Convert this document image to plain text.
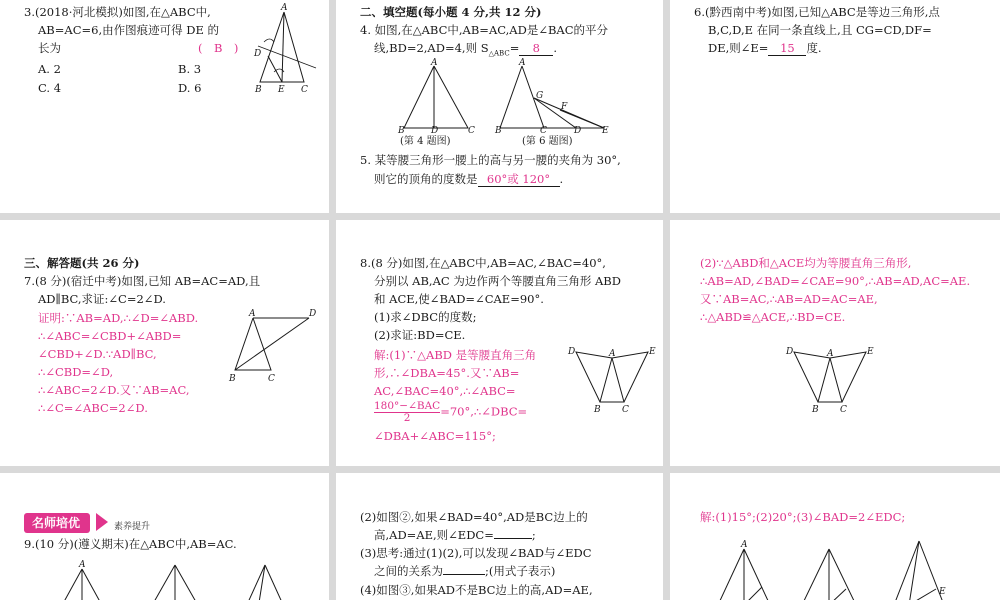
3.(2018·河北模拟)如图,在△ABC中,
AB=AC=6,由作图痕迹可得 DE 的
长为	(　B　)
A. 2	B. 3
C. 4	D. 6
A
D
B E C
二、填空题(每小题 4 分,共 12 分)
4. 如图,在△ABC中,AB=AC,AD是∠BAC的平分
线,BD=2,AD=4,则 $S_{\triangle ABC}= 8$ .
A
B	D	C
(第 4 题图)
A
G
F
B	C	D E
(第 6 题图)
5. 某等腰三角形一腰上的高与另一腰的夹角为 30°,
则它的顶角的度数是 60°或 120° .
6.(黔西南中考)如图,已知△ABC是等边三角形,点
B,C,D,E 在同一条直线上,且 CG=CD,DF=
DE,则∠E= 15 度.
三、解答题(共 26 分)
7.(8 分)(宿迁中考)如图,已知 AB=AC=AD,且
AD∥BC,求证:∠C=2∠D.
证明:∵AB=AD,∴∠D=∠ABD.
∴∠ABC=∠CBD+∠ABD=
∠CBD+∠D.∵AD∥BC,
∴∠CBD=∠D,
∴∠ABC=2∠D.又∵AB=AC,
∴∠C=∠ABC=2∠D.
A	D
B	C
8.(8 分)如图,在△ABC中,AB=AC,∠BAC=40°,
分别以 AB,AC 为边作两个等腰直角三角形 ABD
和 ACE,使∠BAD=∠CAE=90°.
(1)求∠DBC的度数;
(2)求证:BD=CE.
解:(1)∵△ABD 是等腰直角三角
形,∴∠DBA=45°.又∵AB=
AC,∠BAC=40°,∴∠ABC=
$\frac{\text{180°−∠BAC}}{2}$ =70°,∴∠DBC=
∠DBA+∠ABC=115°;
D	A	E
B C
(2)∵△ABD和△ACE均为等腰直角三角形,
∴AB=AD,∠BAD=∠CAE=90°,∴AB=AD,AC=AE.
又∵AB=AC,∴AB=AD=AC=AE,
∴△ABD≌△ACE,∴BD=CE.
D	A	E
B C
名师培优	素养提升
9.(10 分)(遵义期末)在△ABC中,AB=AC.
A
(2)如图②,如果∠BAD=40°,AD是BC边上的
高,AD=AE,则∠EDC=	;
(3)思考:通过(1)(2),可以发现∠BAD与∠EDC
之间的关系为	;(用式子表示)
(4)如图③,如果AD不是BC边上的高,AD=AE,
解:(1)15°;(2)20°;(3)∠BAD=2∠EDC;
A
E
